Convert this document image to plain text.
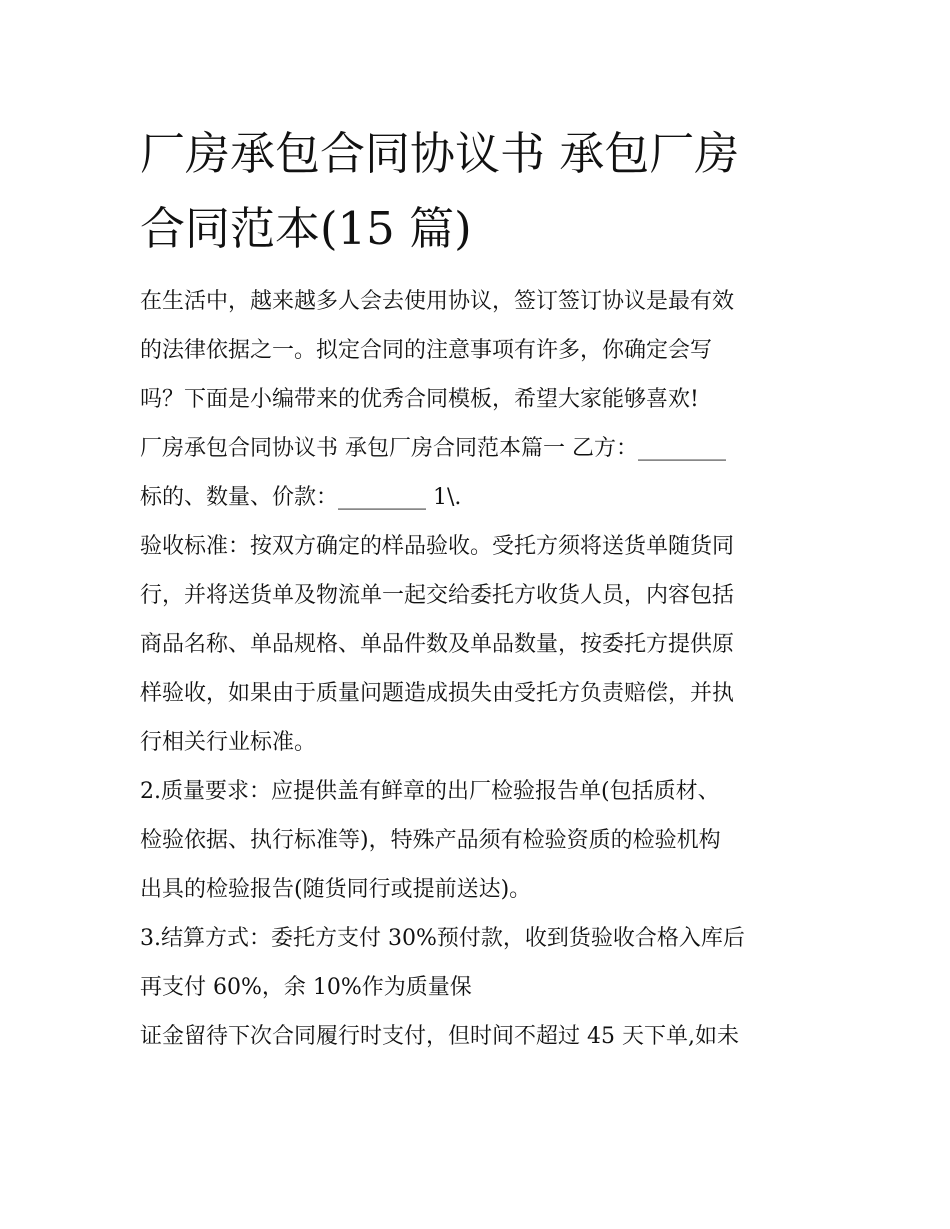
厂房承包合同协议书 承包厂房
合同范本(15 篇)
在生活中，越来越多人会去使用协议，签订签订协议是最有效
的法律依据之一。拟定合同的注意事项有许多，你确定会写
吗？下面是小编带来的优秀合同模板，希望大家能够喜欢!
厂房承包合同协议书 承包厂房合同范本篇一 乙方：________
标的、数量、价款：________ 1\.
验收标准：按双方确定的样品验收。受托方须将送货单随货同
行，并将送货单及物流单一起交给委托方收货人员，内容包括
商品名称、单品规格、单品件数及单品数量，按委托方提供原
样验收，如果由于质量问题造成损失由受托方负责赔偿，并执
行相关行业标准。
2.质量要求：应提供盖有鲜章的出厂检验报告单(包括质材、
检验依据、执行标准等)，特殊产品须有检验资质的检验机构
出具的检验报告(随货同行或提前送达)。
3.结算方式：委托方支付 30%预付款，收到货验收合格入库后
再支付 60%，余 10%作为质量保
证金留待下次合同履行时支付，但时间不超过 45 天下单,如未
